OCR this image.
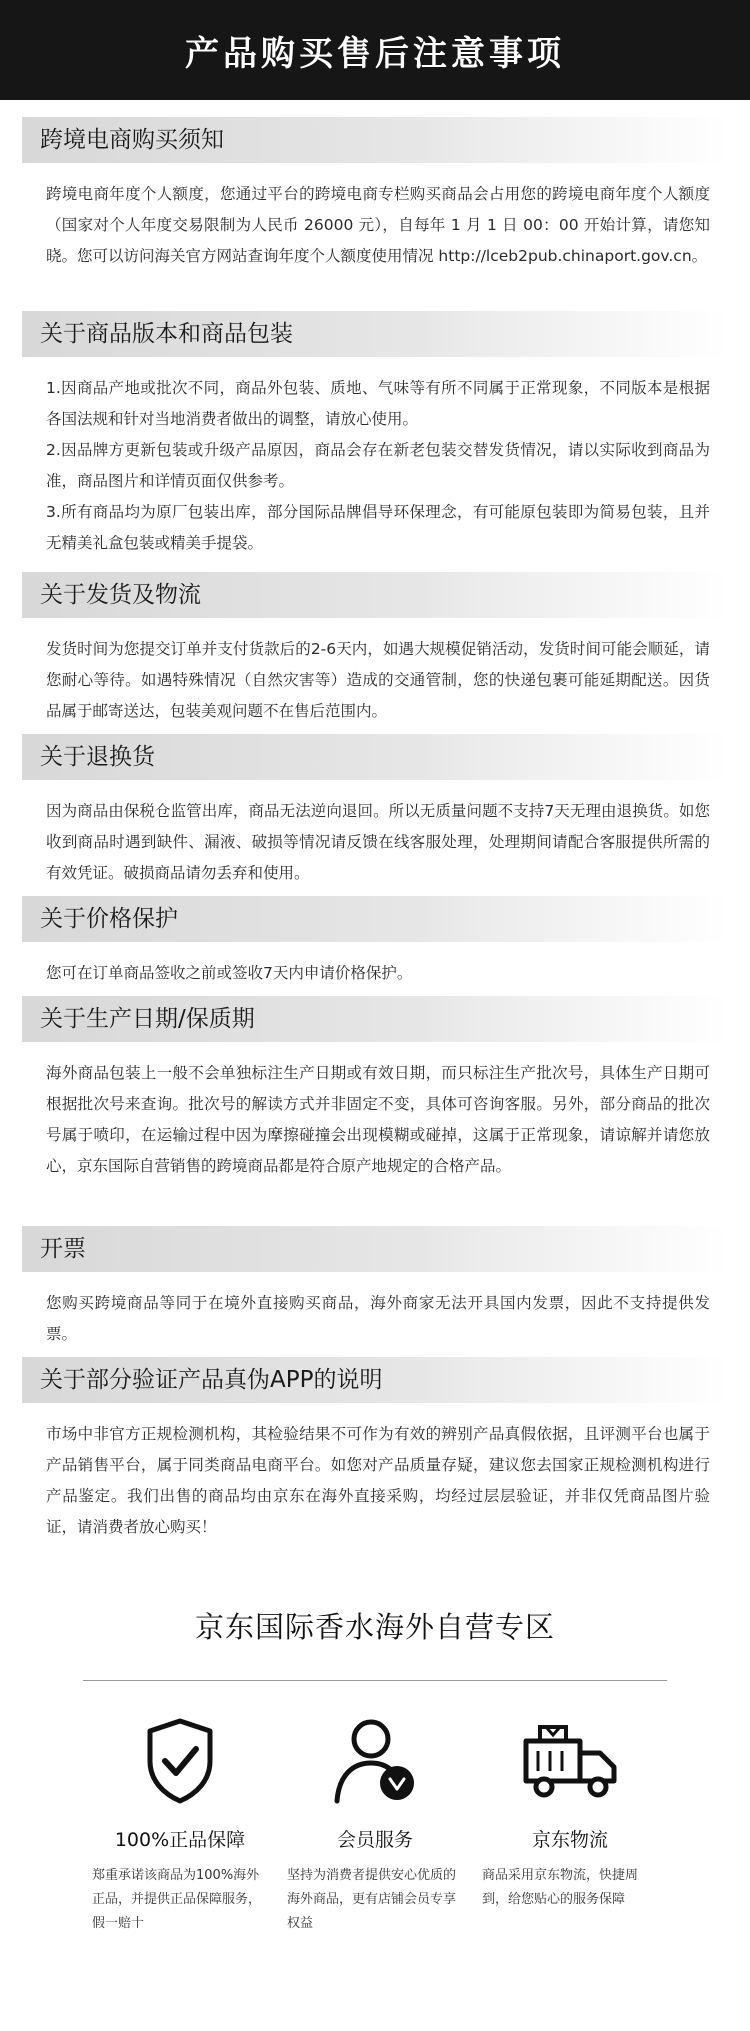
产品购买售后注意事项
跨境电商购买须知

跨境电商年度个人额度，您通过平台的跨境电商专栏购买商品会占用您的跨境电商年度个人额度（国家对个人年度交易限制为人民币 26000 元），自每年 1 月 1 日 00：00 开始计算，请您知晓。您可以访问海关官方网站查询年度个人额度使用情况 http://lceb2pub.chinaport.gov.cn。

关于商品版本和商品包装

1.因商品产地或批次不同，商品外包装、质地、气味等有所不同属于正常现象，不同版本是根据各国法规和针对当地消费者做出的调整，请放心使用。

2.因品牌方更新包装或升级产品原因，商品会存在新老包装交替发货情况，请以实际收到商品为准，商品图片和详情页面仅供参考。

3.所有商品均为原厂包装出库，部分国际品牌倡导环保理念，有可能原包装即为简易包装，且并无精美礼盒包装或精美手提袋。

关于发货及物流

发货时间为您提交订单并支付货款后的2-6天内，如遇大规模促销活动，发货时间可能会顺延，请您耐心等待。如遇特殊情况（自然灾害等）造成的交通管制，您的快递包裹可能延期配送。因货品属于邮寄送达，包装美观问题不在售后范围内。

关于退换货

因为商品由保税仓监管出库，商品无法逆向退回。所以无质量问题不支持7天无理由退换货。如您收到商品时遇到缺件、漏液、破损等情况请反馈在线客服处理，处理期间请配合客服提供所需的有效凭证。破损商品请勿丢弃和使用。

关于价格保护

您可在订单商品签收之前或签收7天内申请价格保护。

关于生产日期/保质期

海外商品包装上一般不会单独标注生产日期或有效日期，而只标注生产批次号，具体生产日期可根据批次号来查询。批次号的解读方式并非固定不变，具体可咨询客服。另外，部分商品的批次号属于喷印，在运输过程中因为摩擦碰撞会出现模糊或碰掉，这属于正常现象，请谅解并请您放心，京东国际自营销售的跨境商品都是符合原产地规定的合格产品。

开票

您购买跨境商品等同于在境外直接购买商品，海外商家无法开具国内发票，因此不支持提供发票。

关于部分验证产品真伪APP的说明

市场中非官方正规检测机构，其检验结果不可作为有效的辨别产品真假依据，且评测平台也属于产品销售平台，属于同类商品电商平台。如您对产品质量存疑，建议您去国家正规检测机构进行产品鉴定。我们出售的商品均由京东在海外直接采购，均经过层层验证，并非仅凭商品图片验证，请消费者放心购买！

京东国际香水海外自营专区
100%正品保障
郑重承诺该商品为100%海外正品，并提供正品保障服务，假一赔十
会员服务
坚持为消费者提供安心优质的海外商品，更有店铺会员专享权益
京东物流
商品采用京东物流，快捷周到，给您贴心的服务保障
